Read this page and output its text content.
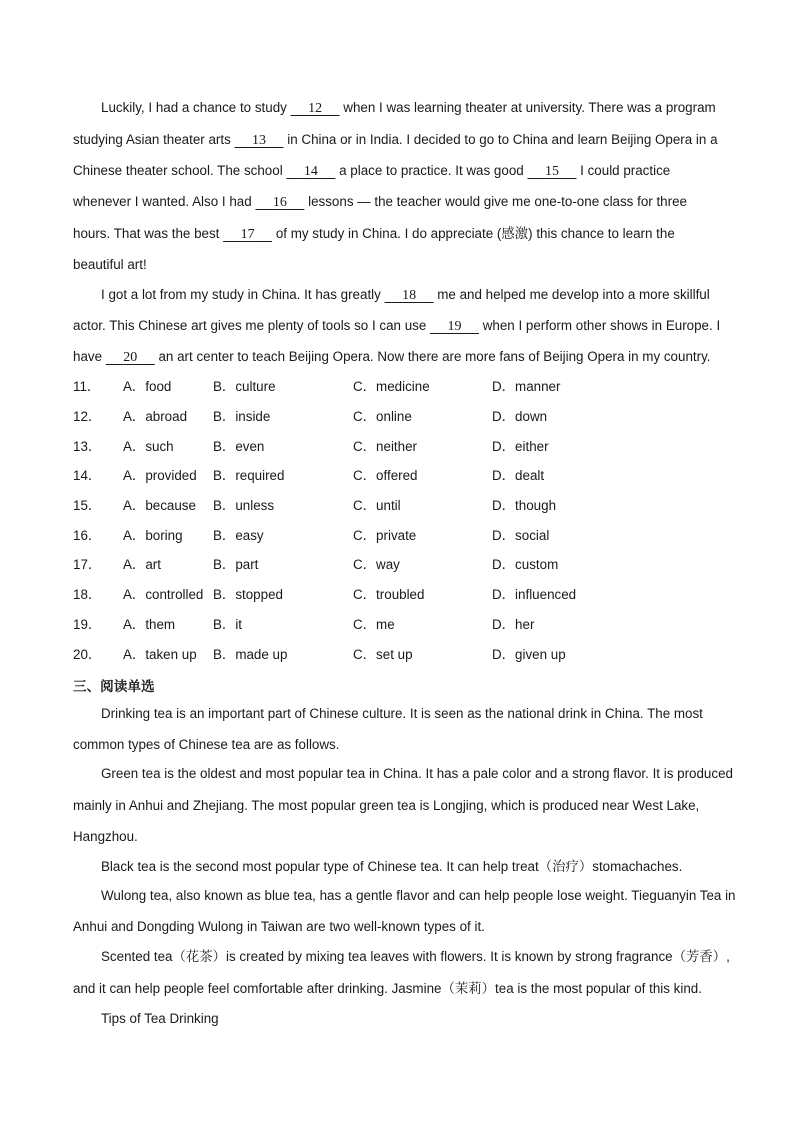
Luckily, I had a chance to study      12      when I was learning theater at university. There was a program
studying Asian theater arts      13      in China or in India. I decided to go to China and learn Beijing Opera in a
Chinese theater school. The school      14      a place to practice. It was good      15      I could practice
whenever I wanted. Also I had      16      lessons — the teacher would give me one-to-one class for three
hours. That was the best      17      of my study in China. I do appreciate (感激) this chance to learn the
beautiful art!
I got a lot from my study in China. It has greatly      18      me and helped me develop into a more skillful
actor. This Chinese art gives me plenty of tools so I can use      19      when I perform other shows in Europe. I
have      20      an art center to teach Beijing Opera. Now there are more fans of Beijing Opera in my country.
11． A．food	B．culture	C．medicine	D．manner
12． A．abroad B．inside	C．online	D．down
13． A．such	B．even	C．neither	D．either
14． A．provided B．required	C．offered	D．dealt
15． A．because B．unless	C．until	D．though
16． A．boring B．easy	C．private	D．social
17． A．art	B．part	C．way	D．custom
18． A．controlled B．stopped	C．troubled	D．influenced
19． A．them	B．it	C．me	D．her
20． A．taken up B．made up	C．set up	D．given up
三、阅读单选
Drinking tea is an important part of Chinese culture. It is seen as the national drink in China. The most
common types of Chinese tea are as follows.
Green tea is the oldest and most popular tea in China. It has a pale color and a strong flavor. It is produced
mainly in Anhui and Zhejiang. The most popular green tea is Longjing, which is produced near West Lake,
Hangzhou.
Black tea is the second most popular type of Chinese tea. It can help treat（治疗）stomachaches.
Wulong tea, also known as blue tea, has a gentle flavor and can help people lose weight. Tieguanyin Tea in
Anhui and Dongding Wulong in Taiwan are two well-known types of it.
Scented tea（花茶）is created by mixing tea leaves with flowers. It is known by strong fragrance（芳香）,
and it can help people feel comfortable after drinking. Jasmine（茉莉）tea is the most popular of this kind.
Tips of Tea Drinking
